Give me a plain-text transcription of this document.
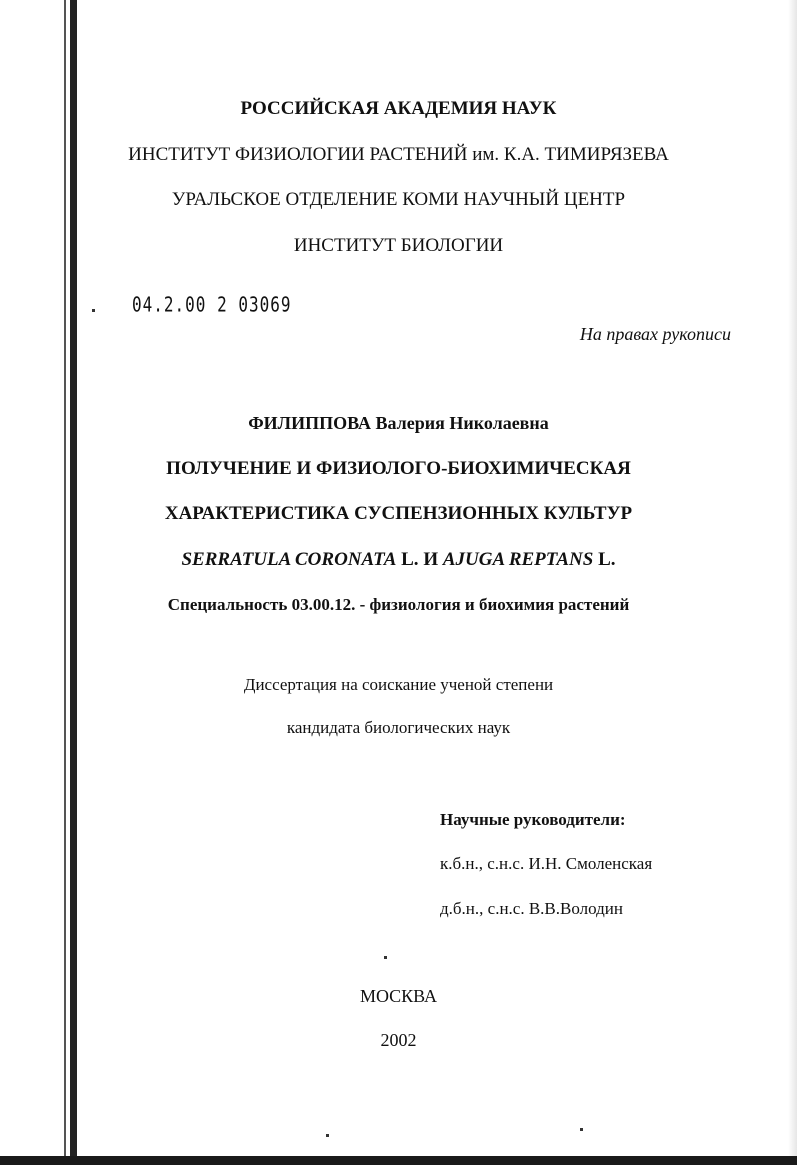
РОССИЙСКАЯ АКАДЕМИЯ НАУК
ИНСТИТУТ ФИЗИОЛОГИИ РАСТЕНИЙ им. К.А. ТИМИРЯЗЕВА
УРАЛЬСКОЕ ОТДЕЛЕНИЕ КОМИ НАУЧНЫЙ ЦЕНТР
ИНСТИТУТ БИОЛОГИИ
04.2.00 2 03069
На правах рукописи
ФИЛИППОВА Валерия Николаевна
ПОЛУЧЕНИЕ И ФИЗИОЛОГО-БИОХИМИЧЕСКАЯ
ХАРАКТЕРИСТИКА СУСПЕНЗИОННЫХ КУЛЬТУР
SERRATULA CORONATA L. И AJUGA REPTANS L.
Специальность 03.00.12. - физиология и биохимия растений
Диссертация на соискание ученой степени
кандидата биологических наук
Научные руководители:
к.б.н., с.н.с. И.Н. Смоленская
д.б.н., с.н.с. В.В.Володин
МОСКВА
2002
